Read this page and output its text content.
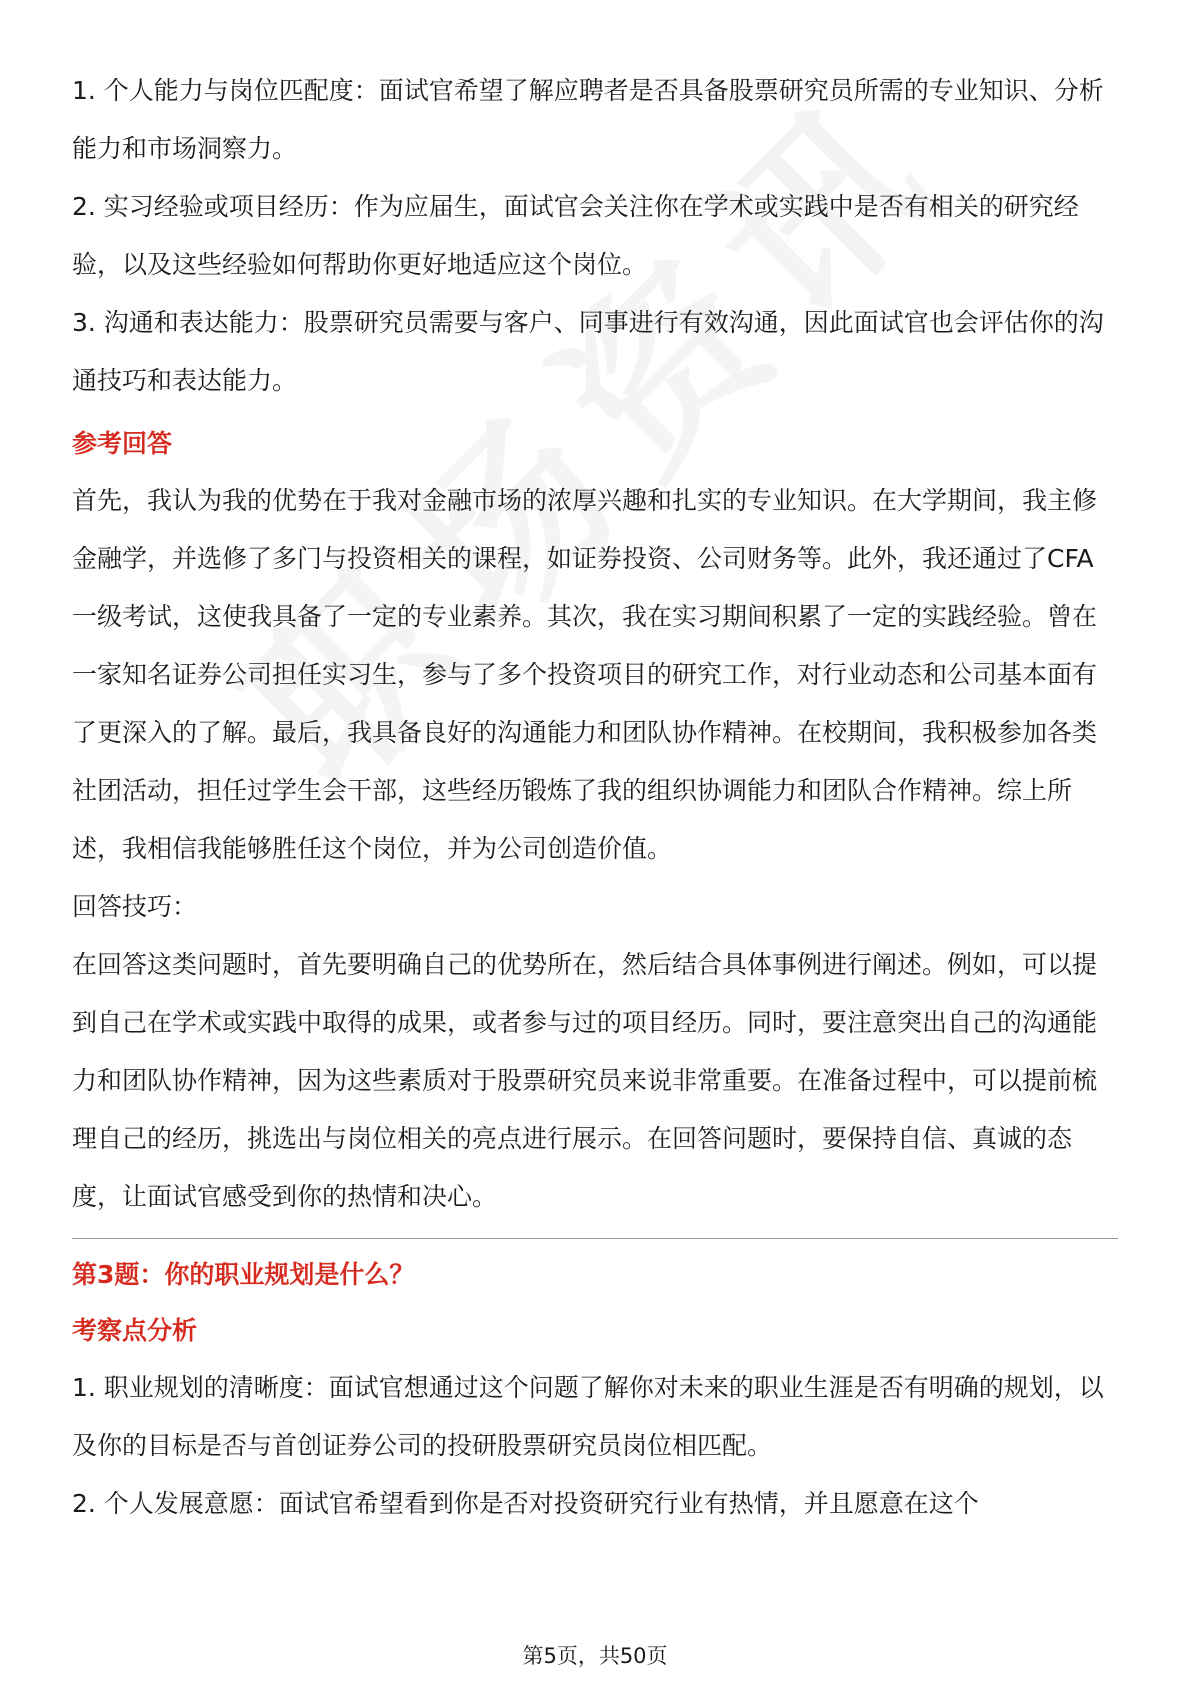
1. 个人能力与岗位匹配度：面试官希望了解应聘者是否具备股票研究员所需的专业知识、分析能力和市场洞察力。

2. 实习经验或项目经历：作为应届生，面试官会关注你在学术或实践中是否有相关的研究经验，以及这些经验如何帮助你更好地适应这个岗位。

3. 沟通和表达能力：股票研究员需要与客户、同事进行有效沟通，因此面试官也会评估你的沟通技巧和表达能力。

参考回答

首先，我认为我的优势在于我对金融市场的浓厚兴趣和扎实的专业知识。在大学期间，我主修金融学，并选修了多门与投资相关的课程，如证券投资、公司财务等。此外，我还通过了CFA一级考试，这使我具备了一定的专业素养。其次，我在实习期间积累了一定的实践经验。曾在一家知名证券公司担任实习生，参与了多个投资项目的研究工作，对行业动态和公司基本面有了更深入的了解。最后，我具备良好的沟通能力和团队协作精神。在校期间，我积极参加各类社团活动，担任过学生会干部，这些经历锻炼了我的组织协调能力和团队合作精神。综上所述，我相信我能够胜任这个岗位，并为公司创造价值。

回答技巧：

在回答这类问题时，首先要明确自己的优势所在，然后结合具体事例进行阐述。例如，可以提到自己在学术或实践中取得的成果，或者参与过的项目经历。同时，要注意突出自己的沟通能力和团队协作精神，因为这些素质对于股票研究员来说非常重要。在准备过程中，可以提前梳理自己的经历，挑选出与岗位相关的亮点进行展示。在回答问题时，要保持自信、真诚的态度，让面试官感受到你的热情和决心。

第3题：你的职业规划是什么？
考察点分析

1. 职业规划的清晰度：面试官想通过这个问题了解你对未来的职业生涯是否有明确的规划，以及你的目标是否与首创证券公司的投研股票研究员岗位相匹配。

2. 个人发展意愿：面试官希望看到你是否对投资研究行业有热情，并且愿意在这个

第5页，共50页
